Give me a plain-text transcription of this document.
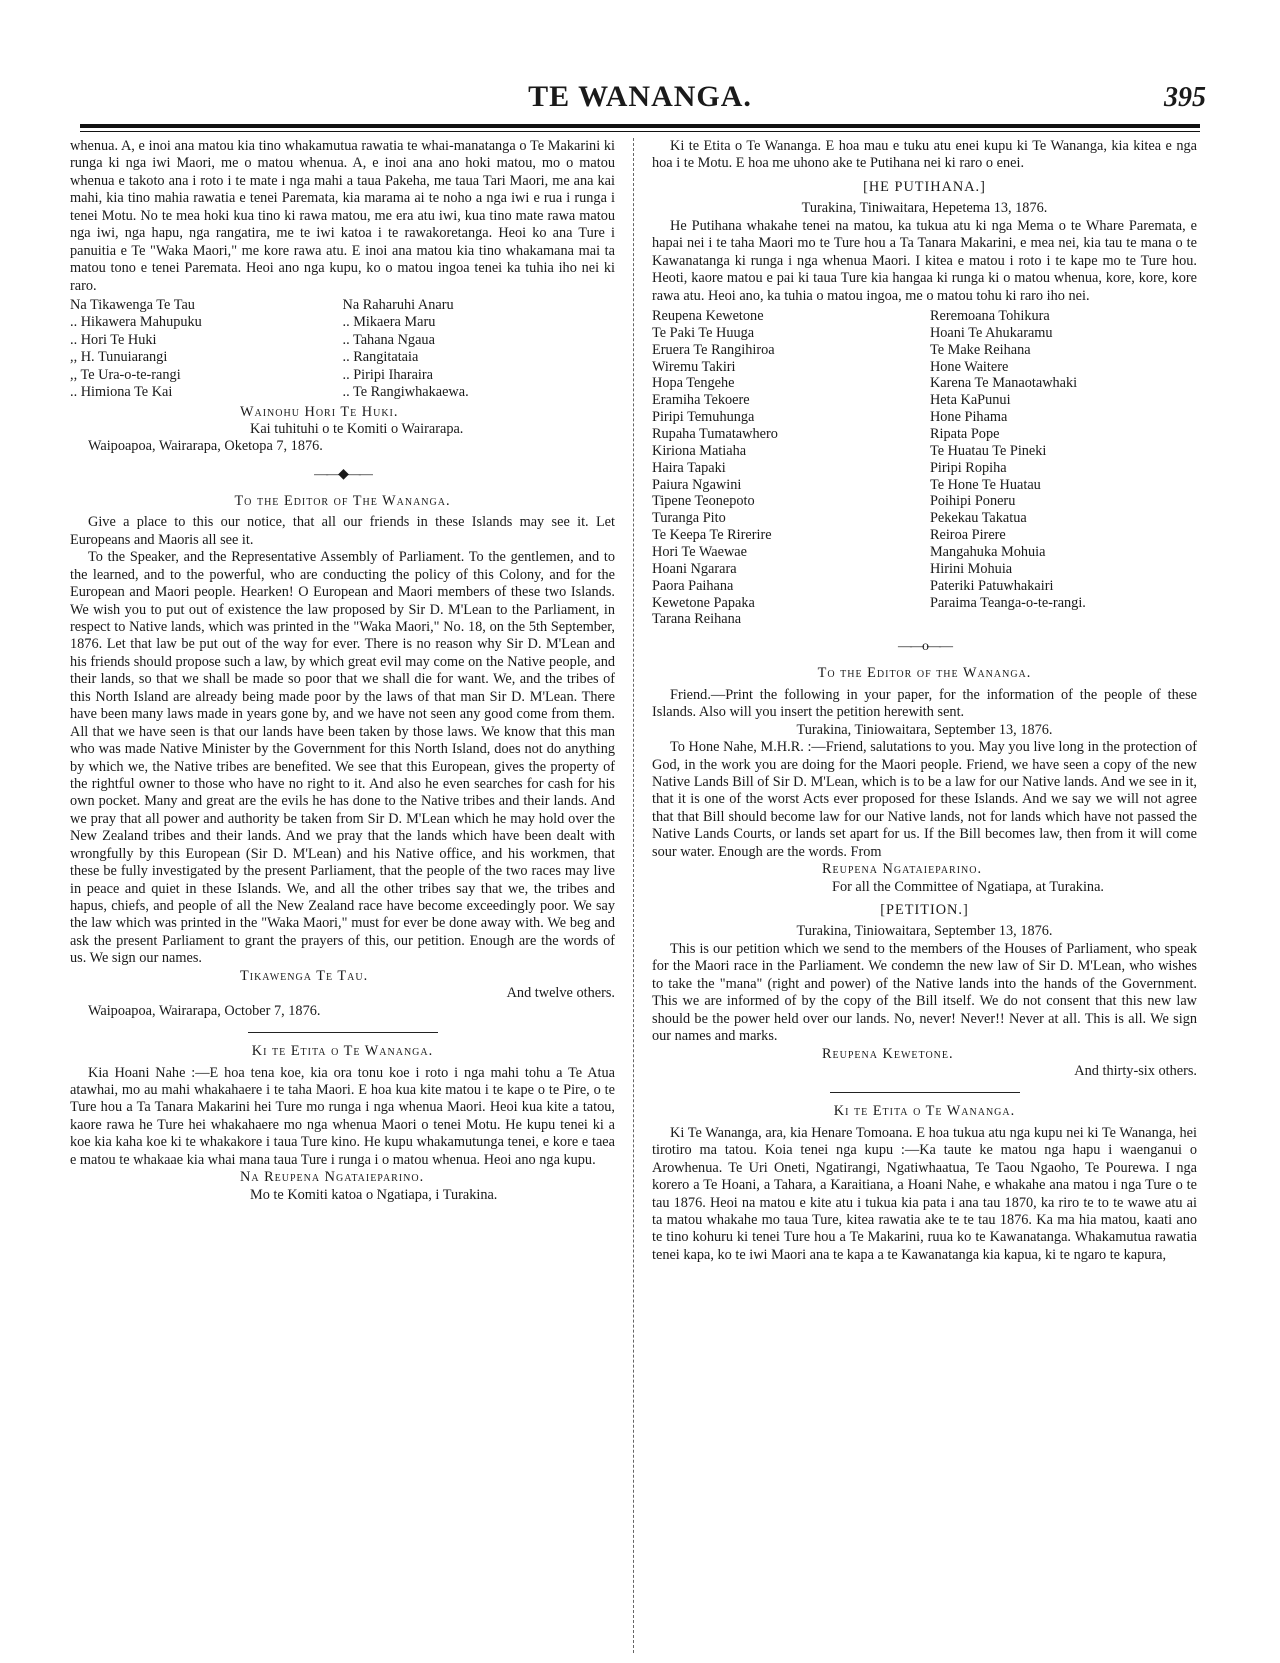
TE WANANGA.	395

whenua. A, e inoi ana matou kia tino whakamutua rawatia te whai-manatanga o Te Makarini ki runga ki nga iwi Maori, me o matou whenua. A, e inoi ana ano hoki matou, mo o matou whenua e takoto ana i roto i te mate i nga mahi a taua Pakeha, me taua Tari Maori, me ana kai mahi, kia tino mahia rawatia e tenei Paremata, kia marama ai te noho a nga iwi e rua i runga i tenei Motu. No te mea hoki kua tino ki rawa matou, me era atu iwi, kua tino mate rawa matou nga iwi, nga hapu, nga rangatira, me te iwi katoa i te rawakoretanga. Heoi ko ana Ture i panuitia e Te "Waka Maori," me kore rawa atu. E inoi ana matou kia tino whakamana mai ta matou tono e tenei Paremata. Heoi ano nga kupu, ko o matou ingoa tenei ka tuhia iho nei ki raro.

Na Tikawenga Te Tau
.. Hikawera Mahupuku
.. Hori Te Huki
,, H. Tunuiarangi
,, Te Ura-o-te-rangi
.. Himiona Te Kai
Na Raharuhi Anaru
.. Mikaera Maru
.. Tahana Ngaua
.. Rangitataia
.. Piripi Iharaira
.. Te Rangiwhakaewa.

Wainohu Hori Te Huki.

Kai tuhituhi o te Komiti o Wairarapa.

Waipoapoa, Wairarapa, Oketopa 7, 1876.

——◆——
To the Editor of The Wananga.

Give a place to this our notice, that all our friends in these Islands may see it. Let Europeans and Maoris all see it.

To the Speaker, and the Representative Assembly of Parliament. To the gentlemen, and to the learned, and to the powerful, who are conducting the policy of this Colony, and for the European and Maori people. Hearken! O European and Maori members of these two Islands. We wish you to put out of existence the law proposed by Sir D. M'Lean to the Parliament, in respect to Native lands, which was printed in the "Waka Maori," No. 18, on the 5th September, 1876. Let that law be put out of the way for ever. There is no reason why Sir D. M'Lean and his friends should propose such a law, by which great evil may come on the Native people, and their lands, so that we shall be made so poor that we shall die for want. We, and the tribes of this North Island are already being made poor by the laws of that man Sir D. M'Lean. There have been many laws made in years gone by, and we have not seen any good come from them. All that we have seen is that our lands have been taken by those laws. We know that this man who was made Native Minister by the Government for this North Island, does not do anything by which we, the Native tribes are benefited. We see that this European, gives the property of the rightful owner to those who have no right to it. And also he even searches for cash for his own pocket. Many and great are the evils he has done to the Native tribes and their lands. And we pray that all power and authority be taken from Sir D. M'Lean which he may hold over the New Zealand tribes and their lands. And we pray that the lands which have been dealt with wrongfully by this European (Sir D. M'Lean) and his Native office, and his workmen, that these be fully investigated by the present Parliament, that the people of the two races may live in peace and quiet in these Islands. We, and all the other tribes say that we, the tribes and hapus, chiefs, and people of all the New Zealand race have become exceedingly poor. We say the law which was printed in the "Waka Maori," must for ever be done away with. We beg and ask the present Parliament to grant the prayers of this, our petition. Enough are the words of us. We sign our names.

Tikawenga Te Tau.

And twelve others.

Waipoapoa, Wairarapa, October 7, 1876.

Ki te Etita o Te Wananga.

Kia Hoani Nahe :—E hoa tena koe, kia ora tonu koe i roto i nga mahi tohu a Te Atua atawhai, mo au mahi whakahaere i te taha Maori. E hoa kua kite matou i te kape o te Pire, o te Ture hou a Ta Tanara Makarini hei Ture mo runga i nga whenua Maori. Heoi kua kite a tatou, kaore rawa he Ture hei whakahaere mo nga whenua Maori o tenei Motu. He kupu tenei ki a koe kia kaha koe ki te whakakore i taua Ture kino. He kupu whakamutunga tenei, e kore e taea e matou te whakaae kia whai mana taua Ture i runga i o matou whenua. Heoi ano nga kupu.

Na Reupena Ngataieparino.

Mo te Komiti katoa o Ngatiapa, i Turakina.

Ki te Etita o Te Wananga. E hoa mau e tuku atu enei kupu ki Te Wananga, kia kitea e nga hoa i te Motu. E hoa me uhono ake te Putihana nei ki raro o enei.

[HE PUTIHANA.]

Turakina, Tiniwaitara, Hepetema 13, 1876.

He Putihana whakahe tenei na matou, ka tukua atu ki nga Mema o te Whare Paremata, e hapai nei i te taha Maori mo te Ture hou a Ta Tanara Makarini, e mea nei, kia tau te mana o te Kawanatanga ki runga i nga whenua Maori. I kitea e matou i roto i te kape mo te Ture hou. Heoti, kaore matou e pai ki taua Ture kia hangaa ki runga ki o matou whenua, kore, kore, kore rawa atu. Heoi ano, ka tuhia o matou ingoa, me o matou tohu ki raro iho nei.

Reupena Kewetone
Te Paki Te Huuga
Eruera Te Rangihiroa
Wiremu Takiri
Hopa Tengehe
Eramiha Tekoere
Piripi Temuhunga
Rupaha Tumatawhero
Kiriona Matiaha
Haira Tapaki
Paiura Ngawini
Tipene Teonepoto
Turanga Pito
Te Keepa Te Rirerire
Hori Te Waewae
Hoani Ngarara
Paora Paihana
Kewetone Papaka
Tarana Reihana
Reremoana Tohikura
Hoani Te Ahukaramu
Te Make Reihana
Hone Waitere
Karena Te Manaotawhaki
Heta KaPunui
Hone Pihama
Ripata Pope
Te Huatau Te Pineki
Piripi Ropiha
Te Hone Te Huatau
Poihipi Poneru
Pekekau Takatua
Reiroa Pirere
Mangahuka Mohuia
Hirini Mohuia
Pateriki Patuwhakairi
Paraima Teanga-o-te-rangi.
——o——
To the Editor of the Wananga.

Friend.—Print the following in your paper, for the information of the people of these Islands. Also will you insert the petition herewith sent.

Turakina, Tiniowaitara, September 13, 1876.

To Hone Nahe, M.H.R. :—Friend, salutations to you. May you live long in the protection of God, in the work you are doing for the Maori people. Friend, we have seen a copy of the new Native Lands Bill of Sir D. M'Lean, which is to be a law for our Native lands. And we see in it, that it is one of the worst Acts ever proposed for these Islands. And we say we will not agree that that Bill should become law for our Native lands, not for lands which have not passed the Native Lands Courts, or lands set apart for us. If the Bill becomes law, then from it will come sour water. Enough are the words. From

Reupena Ngataieparino.

For all the Committee of Ngatiapa, at Turakina.

[PETITION.]

Turakina, Tiniowaitara, September 13, 1876.

This is our petition which we send to the members of the Houses of Parliament, who speak for the Maori race in the Parliament. We condemn the new law of Sir D. M'Lean, who wishes to take the "mana" (right and power) of the Native lands into the hands of the Government. This we are informed of by the copy of the Bill itself. We do not consent that this new law should be the power held over our lands. No, never! Never!! Never at all. This is all. We sign our names and marks.

Reupena Kewetone.

And thirty-six others.

Ki te Etita o Te Wananga.

Ki Te Wananga, ara, kia Henare Tomoana. E hoa tukua atu nga kupu nei ki Te Wananga, hei tirotiro ma tatou. Koia tenei nga kupu :—Ka taute ke matou nga hapu i waenganui o Arowhenua. Te Uri Oneti, Ngatirangi, Ngatiwhaatua, Te Taou Ngaoho, Te Pourewa. I nga korero a Te Hoani, a Tahara, a Karaitiana, a Hoani Nahe, e whakahe ana matou i nga Ture o te tau 1876. Heoi na matou e kite atu i tukua kia pata i ana tau 1870, ka riro te to te wawe atu ai ta matou whakahe mo taua Ture, kitea rawatia ake te te tau 1876. Ka ma hia matou, kaati ano te tino kohuru ki tenei Ture hou a Te Makarini, ruua ko te Kawanatanga. Whakamutua rawatia tenei kapa, ko te iwi Maori ana te kapa a te Kawanatanga kia kapua, ki te ngaro te kapura,
